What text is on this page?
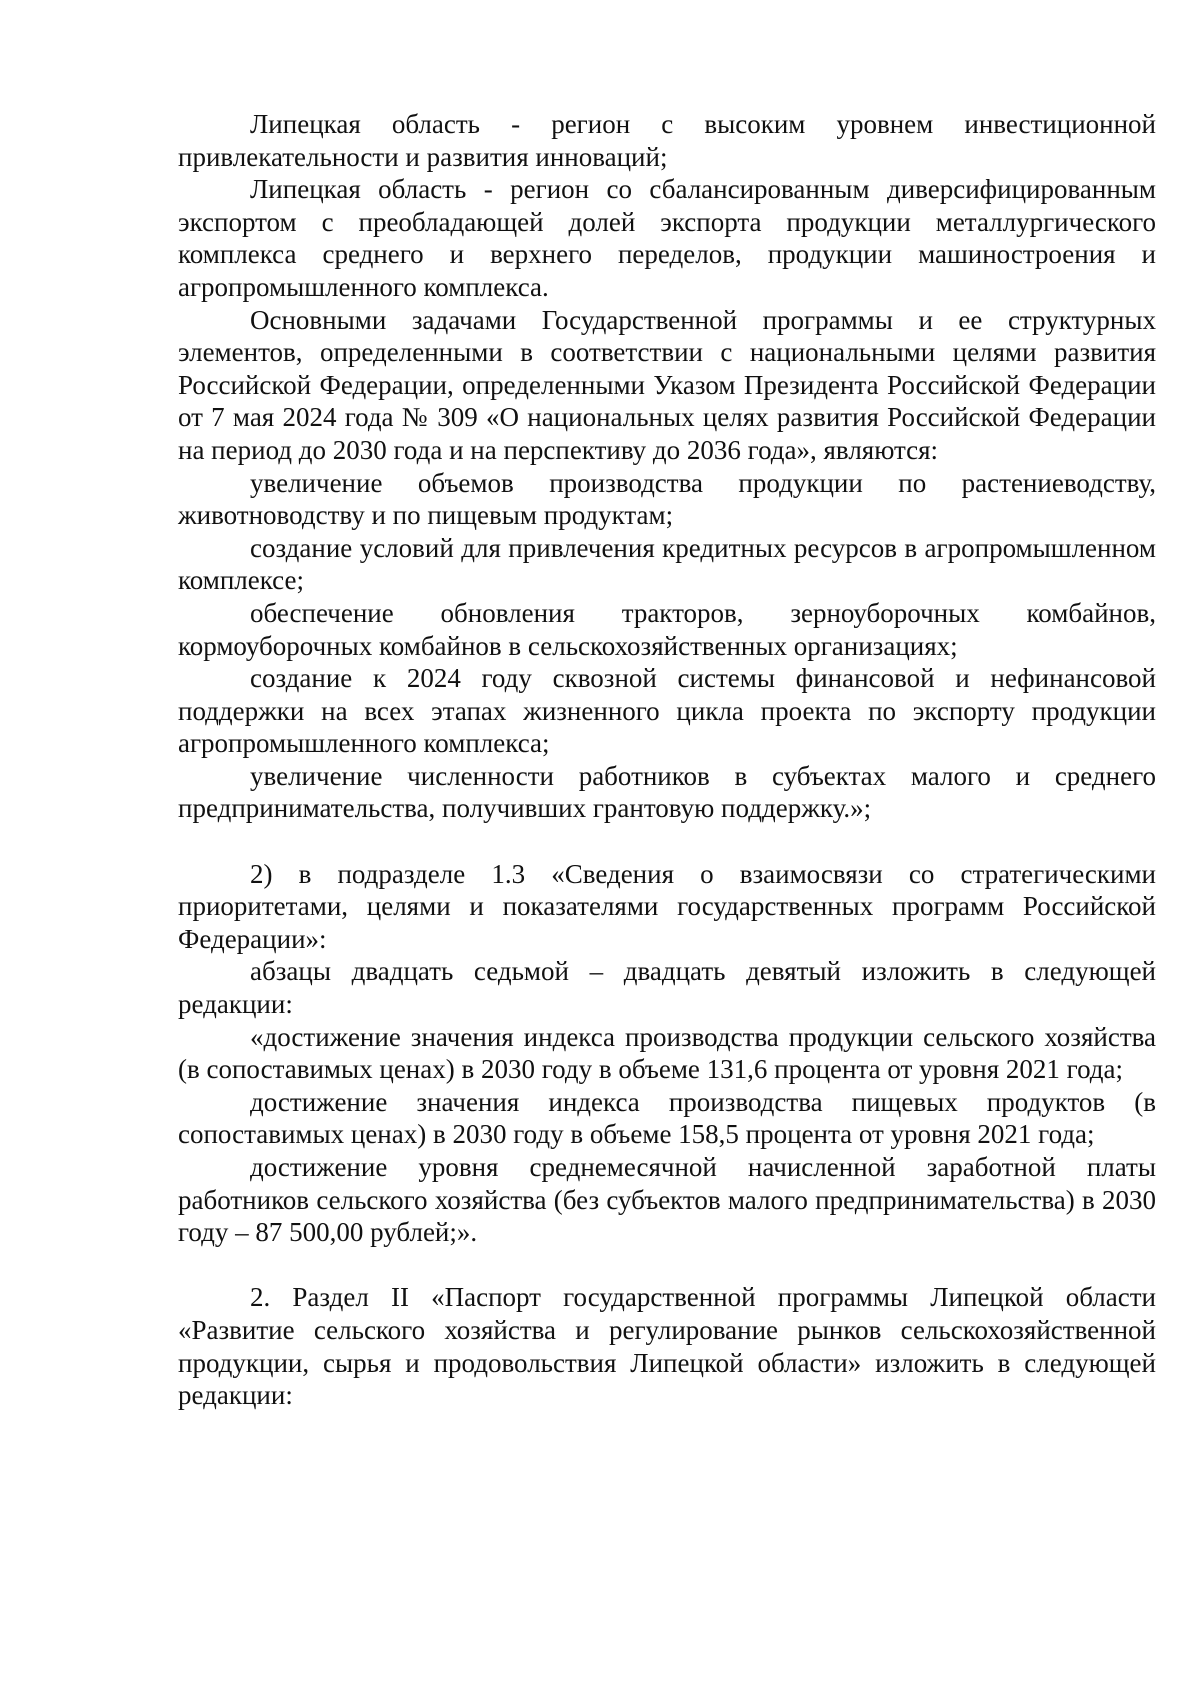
Липецкая область - регион с высоким уровнем инвестиционной привлекательности и развития инноваций;

Липецкая область - регион со сбалансированным диверсифицированным экспортом с преобладающей долей экспорта продукции металлургического комплекса среднего и верхнего переделов, продукции машиностроения и агропромышленного комплекса.

Основными задачами Государственной программы и ее структурных элементов, определенными в соответствии с национальными целями развития Российской Федерации, определенными Указом Президента Российской Федерации от 7 мая 2024 года № 309 «О национальных целях развития Российской Федерации на период до 2030 года и на перспективу до 2036 года», являются:

увеличение объемов производства продукции по растениеводству, животноводству и по пищевым продуктам;

создание условий для привлечения кредитных ресурсов в агропромышленном комплексе;

обеспечение обновления тракторов, зерноуборочных комбайнов, кормоуборочных комбайнов в сельскохозяйственных организациях;

создание к 2024 году сквозной системы финансовой и нефинансовой поддержки на всех этапах жизненного цикла проекта по экспорту продукции агропромышленного комплекса;

увеличение численности работников в субъектах малого и среднего предпринимательства, получивших грантовую поддержку.»;

2) в подразделе 1.3 «Сведения о взаимосвязи со стратегическими приоритетами, целями и показателями государственных программ Российской Федерации»:

абзацы двадцать седьмой – двадцать девятый изложить в следующей редакции:

«достижение значения индекса производства продукции сельского хозяйства (в сопоставимых ценах) в 2030 году в объеме 131,6 процента от уровня 2021 года;

достижение значения индекса производства пищевых продуктов (в сопоставимых ценах) в 2030 году в объеме 158,5 процента от уровня 2021 года;

достижение уровня среднемесячной начисленной заработной платы работников сельского хозяйства (без субъектов малого предпринимательства) в 2030 году – 87 500,00 рублей;».

2. Раздел II «Паспорт государственной программы Липецкой области «Развитие сельского хозяйства и регулирование рынков сельскохозяйственной продукции, сырья и продовольствия Липецкой области» изложить в следующей редакции:
